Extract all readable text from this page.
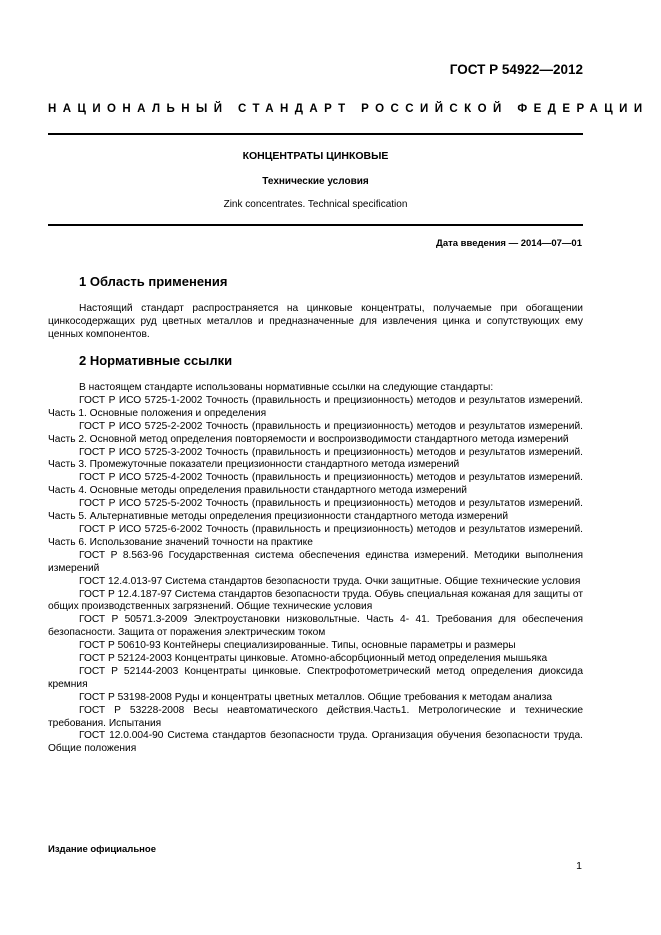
ГОСТ Р 54922—2012
НАЦИОНАЛЬНЫЙ СТАНДАРТ РОССИЙСКОЙ ФЕДЕРАЦИИ
КОНЦЕНТРАТЫ ЦИНКОВЫЕ
Технические условия
Zink concentrates. Technical specification
Дата введения — 2014—07—01
1 Область применения
Настоящий стандарт распространяется на цинковые концентраты, получаемые при обогащении цинкосодержащих руд цветных металлов и предназначенные для извлечения цинка и сопутствующих ему ценных компонентов.
2 Нормативные ссылки

В настоящем стандарте использованы нормативные ссылки на следующие стандарты:

ГОСТ Р ИСО 5725-1-2002 Точность (правильность и прецизионность) методов и результатов измерений. Часть 1. Основные положения и определения

ГОСТ Р ИСО 5725-2-2002 Точность (правильность и прецизионность) методов и результатов измерений. Часть 2. Основной метод определения повторяемости и воспроизводимости стандартного метода измерений

ГОСТ Р ИСО 5725-3-2002 Точность (правильность и прецизионность) методов и результатов измерений. Часть 3. Промежуточные показатели прецизионности стандартного метода измерений

ГОСТ Р ИСО 5725-4-2002 Точность (правильность и прецизионность) методов и результатов измерений. Часть 4. Основные методы определения правильности стандартного метода измерений

ГОСТ Р ИСО 5725-5-2002 Точность (правильность и прецизионность) методов и результатов измерений. Часть 5. Альтернативные методы определения прецизионности стандартного метода измерений

ГОСТ Р ИСО 5725-6-2002 Точность (правильность и прецизионность) методов и результатов измерений. Часть 6. Использование значений точности на практике

ГОСТ Р 8.563-96 Государственная система обеспечения единства измерений. Методики выполнения измерений

ГОСТ 12.4.013-97 Система стандартов безопасности труда. Очки защитные. Общие технические условия

ГОСТ Р 12.4.187-97 Система стандартов безопасности труда. Обувь специальная кожаная для защиты от общих производственных загрязнений. Общие технические условия

ГОСТ Р 50571.3-2009 Электроустановки низковольтные. Часть 4- 41. Требования для обеспечения безопасности. Защита от поражения электрическим током

ГОСТ Р 50610-93 Контейнеры специализированные. Типы, основные параметры и размеры

ГОСТ Р 52124-2003 Концентраты цинковые. Атомно-абсорбционный метод определения мышьяка

ГОСТ Р 52144-2003 Концентраты цинковые. Спектрофотометрический метод определения диоксида кремния

ГОСТ Р 53198-2008 Руды и концентраты цветных металлов. Общие требования к методам анализа

ГОСТ Р 53228-2008 Весы неавтоматического действия.Часть1. Метрологические и технические требования. Испытания

ГОСТ 12.0.004-90 Система стандартов безопасности труда. Организация обучения безопасности труда. Общие положения

Издание официальное
1
